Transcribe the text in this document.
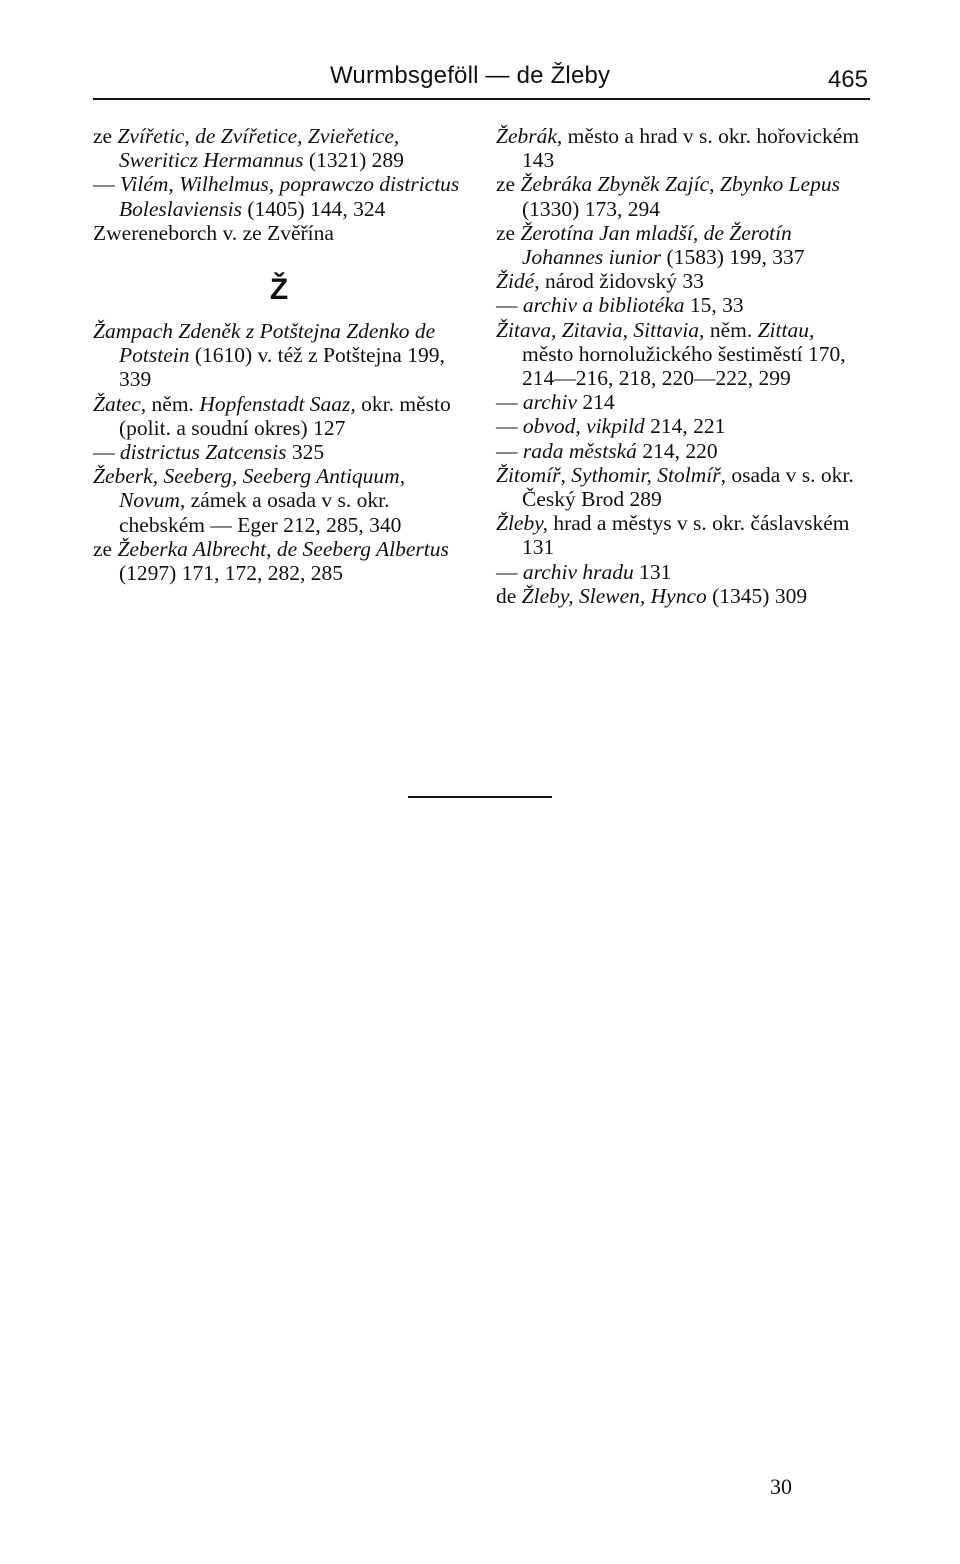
Wurmbsgeföll — de Žleby	465

ze Zvířetic, de Zvířetice, Zvieřetice, Sweriticz Hermannus (1321) 289

— Vilém, Wilhelmus, poprawczo districtus Boleslaviensis (1405) 144, 324

Zwereneborch v. ze Zvěřína

Ž

Žampach Zdeněk z Potštejna Zdenko de Potstein (1610) v. též z Potštejna 199, 339

Žatec, něm. Hopfenstadt Saaz, okr. město (polit. a soudní okres) 127

— districtus Zatcensis 325

Žeberk, Seeberg, Seeberg Antiquum, Novum, zámek a osada v s. okr. chebském — Eger 212, 285, 340

ze Žeberka Albrecht, de Seeberg Albertus (1297) 171, 172, 282, 285

Žebrák, město a hrad v s. okr. hořovickém 143

ze Žebráka Zbyněk Zajíc, Zbynko Lepus (1330) 173, 294

ze Žerotína Jan mladší, de Žerotín Johannes iunior (1583) 199, 337

Židé, národ židovský 33

— archiv a bibliotéka 15, 33

Žitava, Zitavia, Sittavia, něm. Zittau, město hornolužického šestiměstí 170, 214—216, 218, 220—222, 299

— archiv 214

— obvod, vikpild 214, 221

— rada městská 214, 220

Žitomíř, Sythomir, Stolmíř, osada v s. okr. Český Brod 289

Žleby, hrad a městys v s. okr. čáslavském 131

— archiv hradu 131

de Žleby, Slewen, Hynco (1345) 309

30
